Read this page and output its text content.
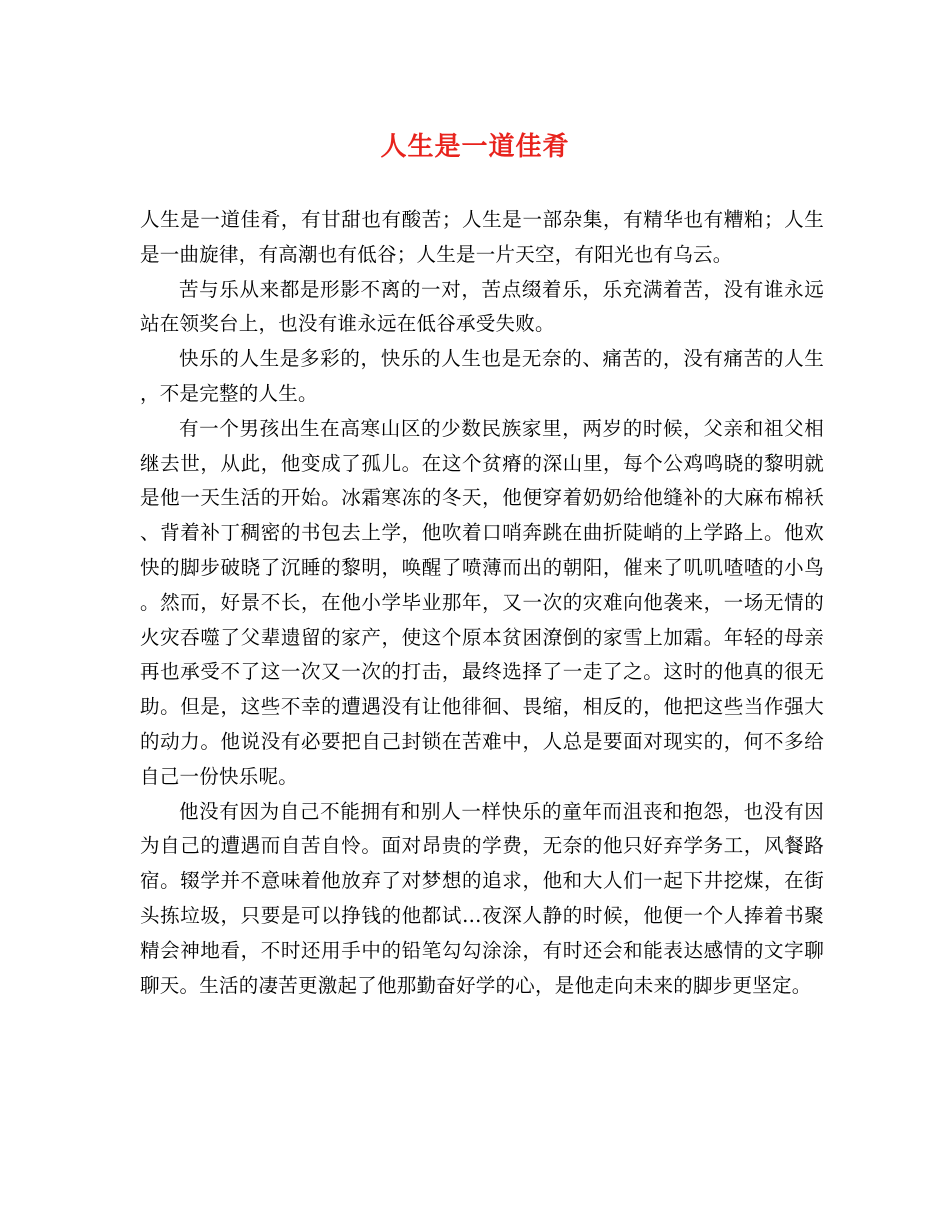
人生是一道佳肴

人生是一道佳肴，有甘甜也有酸苦；人生是一部杂集，有精华也有糟粕；人生是一曲旋律，有高潮也有低谷；人生是一片天空，有阳光也有乌云。

苦与乐从来都是形影不离的一对，苦点缀着乐，乐充满着苦，没有谁永远站在领奖台上，也没有谁永远在低谷承受失败。

快乐的人生是多彩的，快乐的人生也是无奈的、痛苦的，没有痛苦的人生，不是完整的人生。

有一个男孩出生在高寒山区的少数民族家里，两岁的时候，父亲和祖父相继去世，从此，他变成了孤儿。在这个贫瘠的深山里，每个公鸡鸣晓的黎明就是他一天生活的开始。冰霜寒冻的冬天，他便穿着奶奶给他缝补的大麻布棉袄、背着补丁稠密的书包去上学，他吹着口哨奔跳在曲折陡峭的上学路上。他欢快的脚步破晓了沉睡的黎明，唤醒了喷薄而出的朝阳，催来了叽叽喳喳的小鸟。然而，好景不长，在他小学毕业那年，又一次的灾难向他袭来，一场无情的火灾吞噬了父辈遗留的家产，使这个原本贫困潦倒的家雪上加霜。年轻的母亲再也承受不了这一次又一次的打击，最终选择了一走了之。这时的他真的很无助。但是，这些不幸的遭遇没有让他徘徊、畏缩，相反的，他把这些当作强大的动力。他说没有必要把自己封锁在苦难中，人总是要面对现实的，何不多给自己一份快乐呢。

他没有因为自己不能拥有和别人一样快乐的童年而沮丧和抱怨，也没有因为自己的遭遇而自苦自怜。面对昂贵的学费，无奈的他只好弃学务工，风餐路宿。辍学并不意味着他放弃了对梦想的追求，他和大人们一起下井挖煤，在街头拣垃圾，只要是可以挣钱的他都试…夜深人静的时候，他便一个人捧着书聚精会神地看，不时还用手中的铅笔勾勾涂涂，有时还会和能表达感情的文字聊聊天。生活的凄苦更激起了他那勤奋好学的心，是他走向未来的脚步更坚定。
